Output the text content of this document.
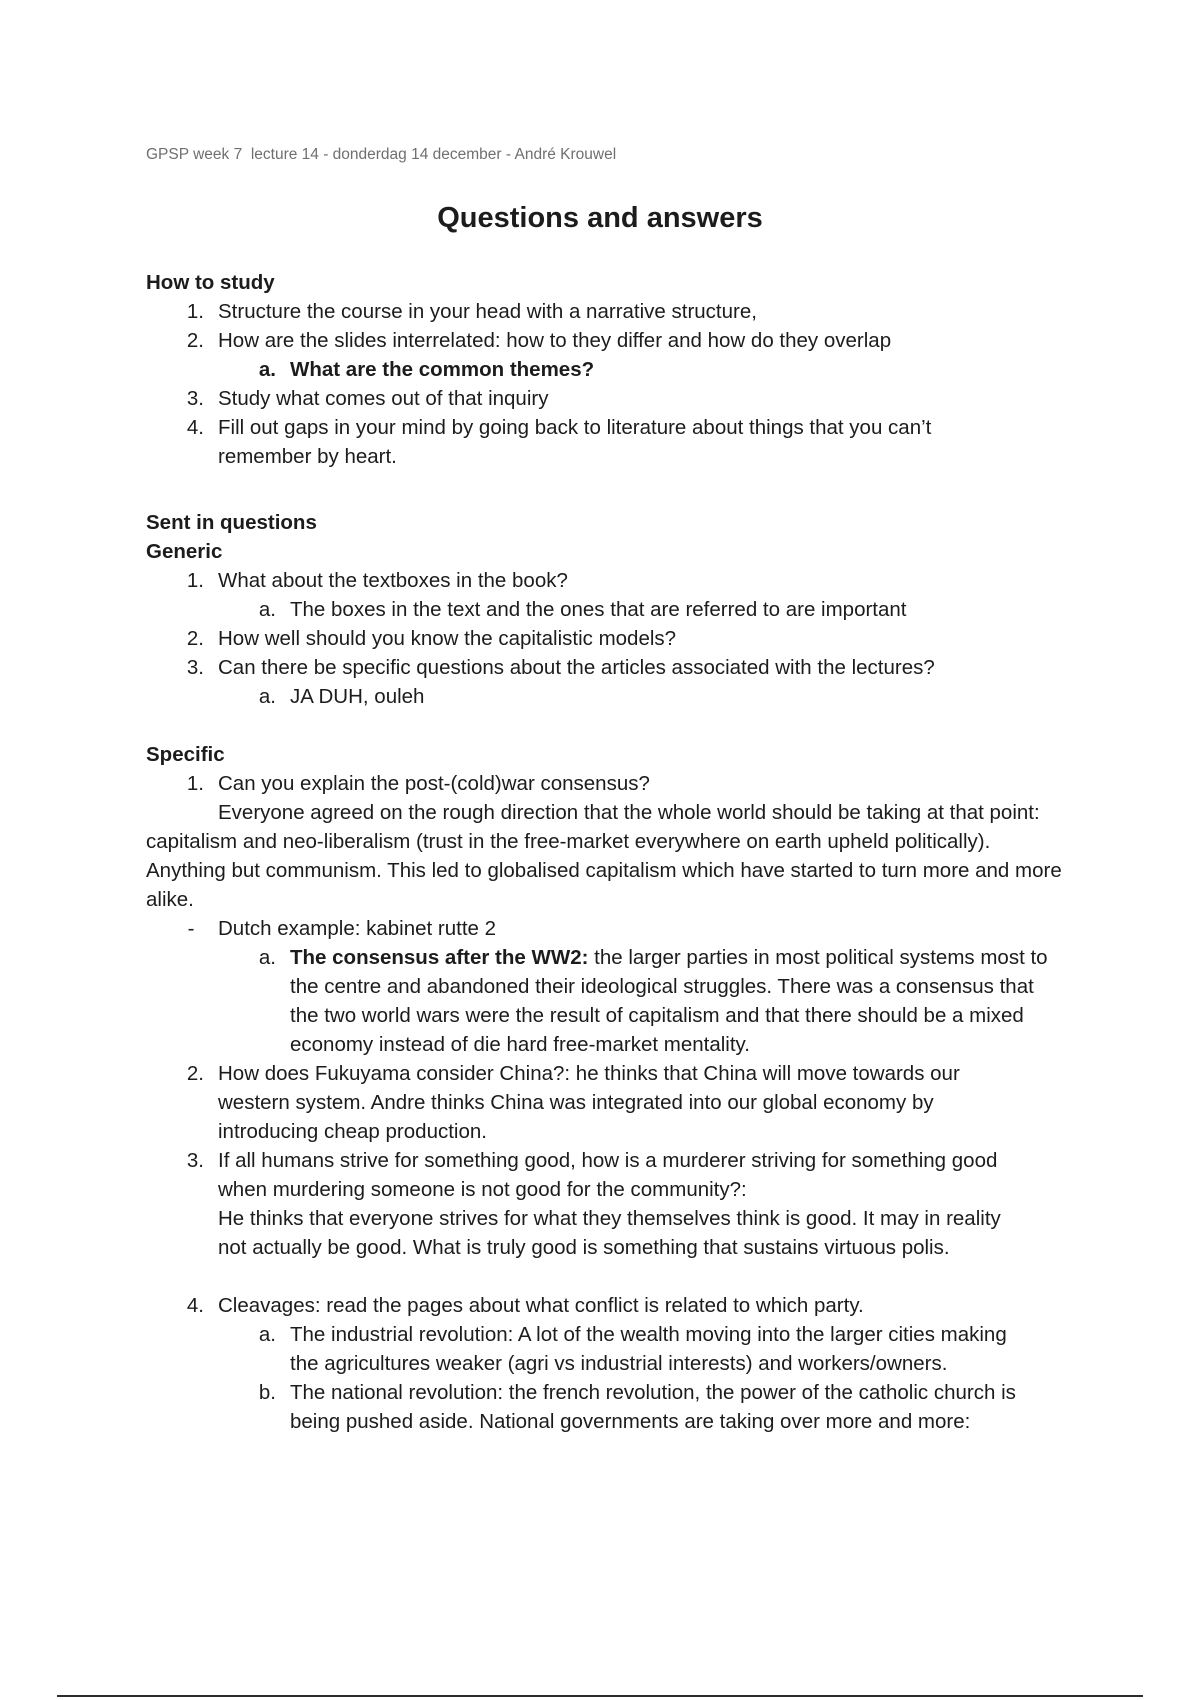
GPSP week 7  lecture 14 - donderdag 14 december - André Krouwel
Questions and answers
How to study
1. Structure the course in your head with a narrative structure,
2. How are the slides interrelated: how to they differ and how do they overlap
a. What are the common themes?
3. Study what comes out of that inquiry
4. Fill out gaps in your mind by going back to literature about things that you can’t remember by heart.
Sent in questions
Generic
1. What about the textboxes in the book?
a. The boxes in the text and the ones that are referred to are important
2. How well should you know the capitalistic models?
3. Can there be specific questions about the articles associated with the lectures?
a. JA DUH, ouleh
Specific
1. Can you explain the post-(cold)war consensus?
Everyone agreed on the rough direction that the whole world should be taking at that point: capitalism and neo-liberalism (trust in the free-market everywhere on earth upheld politically). Anything but communism. This led to globalised capitalism which have started to turn more and more alike.
- Dutch example: kabinet rutte 2
a. The consensus after the WW2: the larger parties in most political systems most to the centre and abandoned their ideological struggles. There was a consensus that the two world wars were the result of capitalism and that there should be a mixed economy instead of die hard free-market mentality.
2. How does Fukuyama consider China?: he thinks that China will move towards our western system. Andre thinks China was integrated into our global economy by introducing cheap production.
3. If all humans strive for something good, how is a murderer striving for something good when murdering someone is not good for the community?:
He thinks that everyone strives for what they themselves think is good. It may in reality not actually be good. What is truly good is something that sustains virtuous polis.
4. Cleavages: read the pages about what conflict is related to which party.
a. The industrial revolution: A lot of the wealth moving into the larger cities making the agricultures weaker (agri vs industrial interests) and workers/owners.
b. The national revolution: the french revolution, the power of the catholic church is being pushed aside. National governments are taking over more and more:
